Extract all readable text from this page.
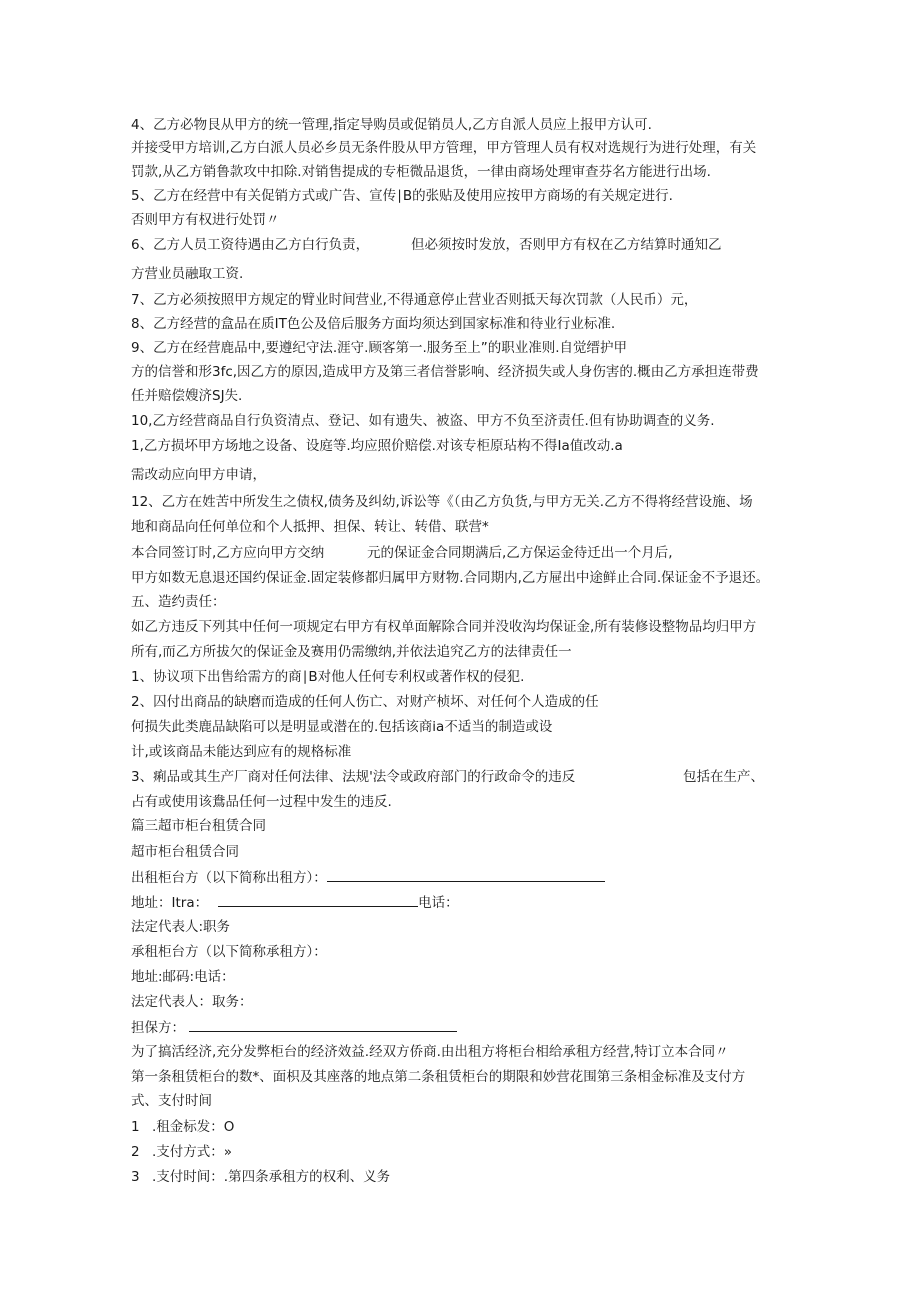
4、乙方必物艮从甲方的统一管理,指定导购员或促销员人,乙方自派人员应上报甲方认可.
并接受甲方培训,乙方白派人员必乡员无条件股从甲方管理，甲方管理人员有权对选规行为进行处理，有关
罚款,从乙方销鲁款攻中扣除.对销售提成的专柜微品退货，一律由商场处理审查芬名方能进行出场.
5、乙方在经营中有关促销方式或广告、宣传∣B的张贴及使用应按甲方商场的有关规定进行.
否则甲方有权进行处罚〃
6、乙方人员工资待遇由乙方白行负责，	但必须按时发放，否则甲方有权在乙方结算时通知乙
方营业员融取工资.
7、乙方必须按照甲方规定的臂业时间营业,不得通意停止营业否则抵天每次罚款（人民币）元，
8、乙方经营的盒品在质IT色公及倍后服务方面均须达到国家标准和待业行业标准.
9、乙方在经营鹿品中,要遵纪守法.涯守.顾客第一.服务至上”的职业准则.自觉缙护甲
方的信誉和形3fc,因乙方的原因,造成甲方及第三者信誉影响、经济损失或人身伤害的.概由乙方承担连带费
任并赔偿嫂济SJ失.
10,乙方经营商品自行负资清点、登记、如有遗失、被盗、甲方不负至济责任.但有协助调查的义务.
1,乙方损坏甲方场地之设备、设庭等.均应照价赔偿.对该专柜原玷构不得Ia值改动.a
需改动应向甲方申请，
12、乙方在姓苦中所发生之债权,债务及纠幼,诉讼等《（由乙方负货,与甲方无关.乙方不得将经营设施、场
地和商品向任何单位和个人抵押、担保、转让、转借、联营*
本合同签订时,乙方应向甲方交纳	元的保证金合同期满后,乙方保运金待迁出一个月后,
甲方如数无息退还国约保证金.固定装修都归属甲方财物.合同期内,乙方屉出中途鲜止合同.保证金不予退还。
五、造约责任：
如乙方违反下列其中任何一项规定右甲方有权单面解除合同并没收沟均保证金,所有装修设整物品均归甲方
所有,而乙方所拔欠的保证金及赛用仍需缴纳,并依法追究乙方的法律责任一
1、协议项下出售给需方的商∣B对他人任何专利权或著作权的侵犯.
2、囚付出商品的缺磨而造成的任何人伤亡、对财产桢坏、对任何个人造成的任
何损失此类鹿品缺陷可以是明显或潜在的.包括该商ia不适当的制造或设
计,或该商品未能达到应有的规格标准
3、痢品或其生产厂商对任何法律、法规'法令或政府部门的行政命令的违反	包括在生产、
占有或使用该鴦品任何一过程中发生的违反.
篇三超市柜台租赁合同
超市柜台租赁合同
出租柜台方（以下简称出租方）：
地址：Itra：	电话：
法定代表人:职务
承租柜台方（以下简称承租方）：
地址:邮码:电话：
法定代表人：取务：
担保方：
为了搞活经济,充分发弊柜台的经济效益.经双方侨商.由出租方将柜台相给承租方经营,特订立本合同〃
第一条租赁柜台的数*、面枳及其座落的地点第二条租赁柜台的期限和妙营花围第三条相金标准及支付方
式、支付时间
1 .租金标发：O
2 .支付方式：»
3 .支付时间：.第四条承租方的权利、义务
